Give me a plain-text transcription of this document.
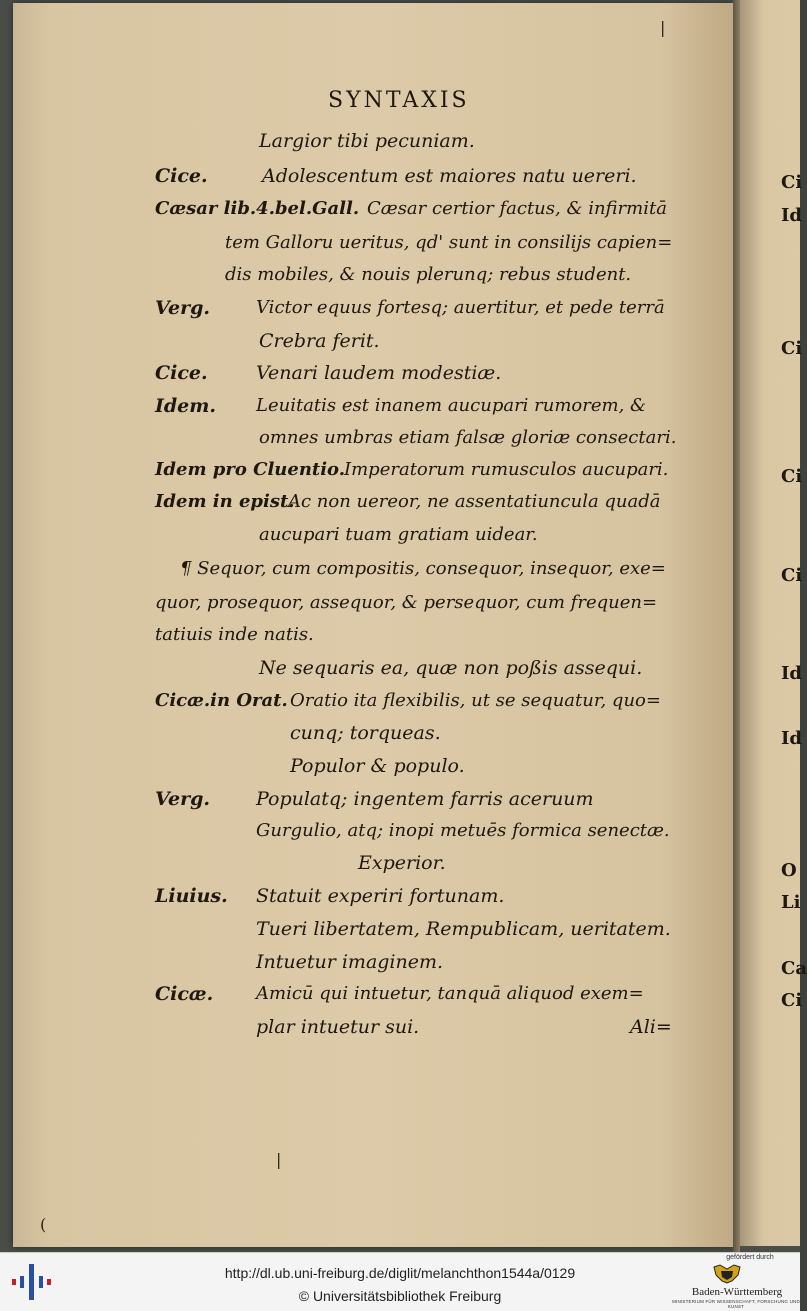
SYNTAXIS
Largior tibi pecuniam.
Cice.	Adolescentum est maiores natu uereri.
Cæsar lib.4.bel.Gall. Cæsar certior factus, & infirmitā
tem Galloru ueritus, qd' sunt in consilijs capien=
dis mobiles, & nouis plerunq; rebus student.
Verg.	Victor equus fortesq; auertitur, et pede terrā
Crebra ferit.
Cice.	Venari laudem modestiæ.
Idem. Leuitatis est inanem aucupari rumorem, &
omnes umbras etiam falsæ gloriæ consectari.
Idem pro Cluentio.
Imperatorum rumusculos aucupari.
Idem in epist.
Ac non uereor, ne assentatiuncula quadā
aucupari tuam gratiam uidear.
¶ Sequor, cum compositis, consequor, insequor, exe=
quor, prosequor, assequor, & persequor, cum frequen=
tatiuis inde natis.
Ne sequaris ea, quæ non poßis assequi.
Cicæ.in Orat. Oratio ita flexibilis, ut se sequatur, quo=
cunq; torqueas.
Populor & populo.
Verg. Populatq; ingentem farris aceruum
Gurgulio, atq; inopi metuēs formica senectæ.
Experior.
Liuius. Statuit experiri fortunam.
Tueri libertatem, Rempublicam, ueritatem.
Intuetur imaginem.
Cicæ. Amicū qui intuetur, tanquā aliquod exem=
plar intuetur sui.	Ali=
|
|
(
Ci
Id
Ci
Ci
Ci
Id
Id
O
Li
Ca
Ci
http://dl.ub.uni-freiburg.de/diglit/melanchthon1544a/0129
© Universitätsbibliothek Freiburg
gefördert durch
Baden-Württemberg
MINISTERIUM FÜR WISSENSCHAFT, FORSCHUNG UND KUNST
